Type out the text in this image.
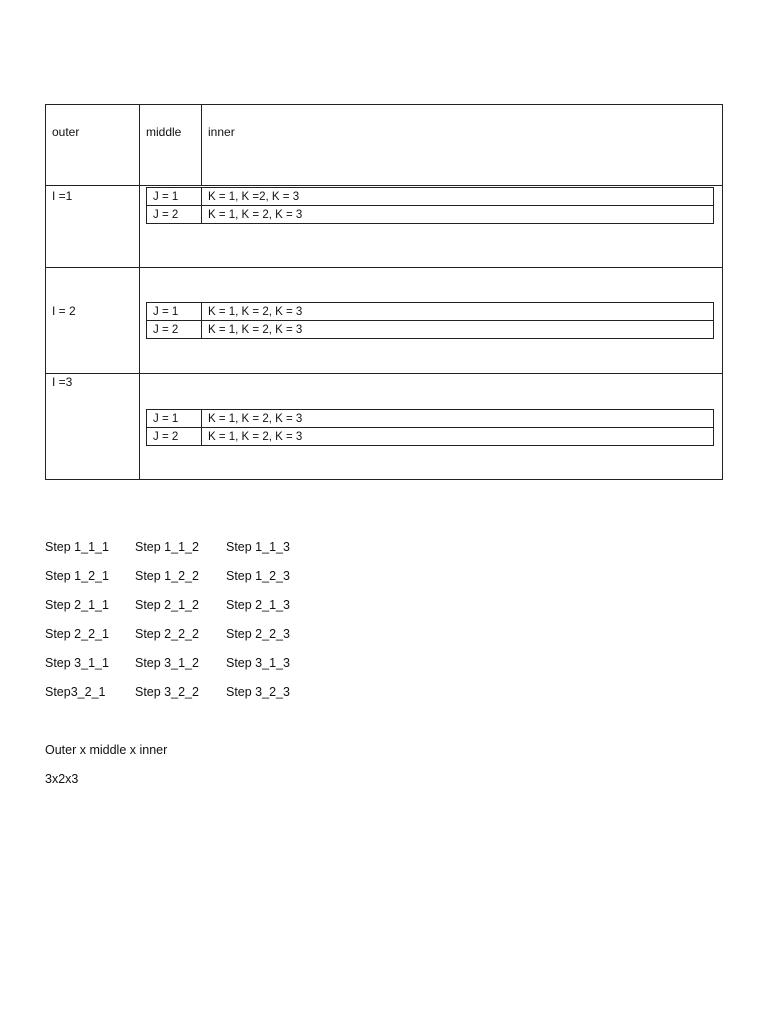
outer	middle	inner

I =1
		J = 1	K = 1, K =2, K = 3
J = 2	K = 1, K = 2, K = 3

I = 2
		J = 1	K = 1, K = 2, K = 3
J = 2	K = 1, K = 2, K = 3

I =3

J = 1	K = 1, K = 2, K = 3
J = 2	K = 1, K = 2, K = 3
Step 1_1_1 Step 1_1_2 Step 1_1_3
Step 1_2_1 Step 1_2_2 Step 1_2_3
Step 2_1_1 Step 2_1_2 Step 2_1_3
Step 2_2_1 Step 2_2_2 Step 2_2_3
Step 3_1_1 Step 3_1_2 Step 3_1_3
Step3_2_1 Step 3_2_2 Step 3_2_3
Outer x middle x inner
3x2x3
